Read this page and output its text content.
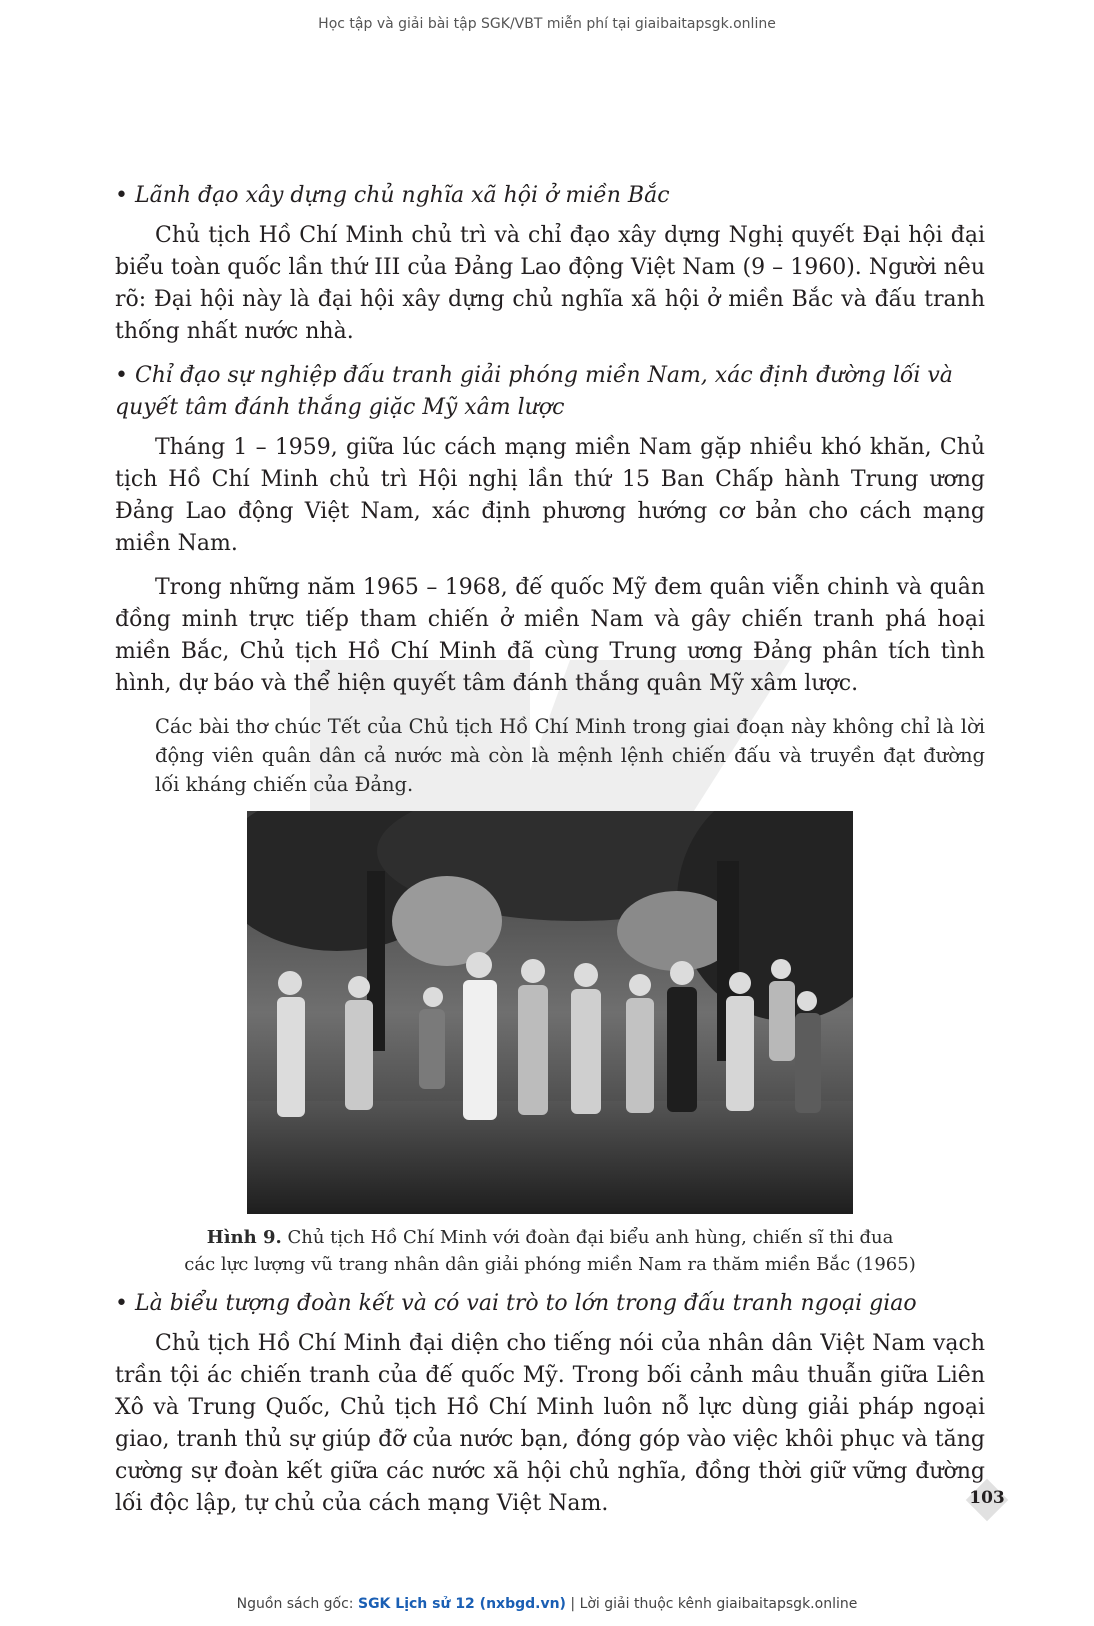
Học tập và giải bài tập SGK/VBT miễn phí tại giaibaitapsgk.online

• Lãnh đạo xây dựng chủ nghĩa xã hội ở miền Bắc

Chủ tịch Hồ Chí Minh chủ trì và chỉ đạo xây dựng Nghị quyết Đại hội đại biểu toàn quốc lần thứ III của Đảng Lao động Việt Nam (9 – 1960). Người nêu rõ: Đại hội này là đại hội xây dựng chủ nghĩa xã hội ở miền Bắc và đấu tranh thống nhất nước nhà.

• Chỉ đạo sự nghiệp đấu tranh giải phóng miền Nam, xác định đường lối và quyết tâm đánh thắng giặc Mỹ xâm lược

Tháng 1 – 1959, giữa lúc cách mạng miền Nam gặp nhiều khó khăn, Chủ tịch Hồ Chí Minh chủ trì Hội nghị lần thứ 15 Ban Chấp hành Trung ương Đảng Lao động Việt Nam, xác định phương hướng cơ bản cho cách mạng miền Nam.

Trong những năm 1965 – 1968, đế quốc Mỹ đem quân viễn chinh và quân đồng minh trực tiếp tham chiến ở miền Nam và gây chiến tranh phá hoại miền Bắc, Chủ tịch Hồ Chí Minh đã cùng Trung ương Đảng phân tích tình hình, dự báo và thể hiện quyết tâm đánh thắng quân Mỹ xâm lược.

Các bài thơ chúc Tết của Chủ tịch Hồ Chí Minh trong giai đoạn này không chỉ là lời động viên quân dân cả nước mà còn là mệnh lệnh chiến đấu và truyền đạt đường lối kháng chiến của Đảng.

Hình 9. Chủ tịch Hồ Chí Minh với đoàn đại biểu anh hùng, chiến sĩ thi đua
các lực lượng vũ trang nhân dân giải phóng miền Nam ra thăm miền Bắc (1965)

• Là biểu tượng đoàn kết và có vai trò to lớn trong đấu tranh ngoại giao

Chủ tịch Hồ Chí Minh đại diện cho tiếng nói của nhân dân Việt Nam vạch trần tội ác chiến tranh của đế quốc Mỹ. Trong bối cảnh mâu thuẫn giữa Liên Xô và Trung Quốc, Chủ tịch Hồ Chí Minh luôn nỗ lực dùng giải pháp ngoại giao, tranh thủ sự giúp đỡ của nước bạn, đóng góp vào việc khôi phục và tăng cường sự đoàn kết giữa các nước xã hội chủ nghĩa, đồng thời giữ vững đường lối độc lập, tự chủ của cách mạng Việt Nam.	103
Nguồn sách gốc: SGK Lịch sử 12 (nxbgd.vn) | Lời giải thuộc kênh giaibaitapsgk.online
